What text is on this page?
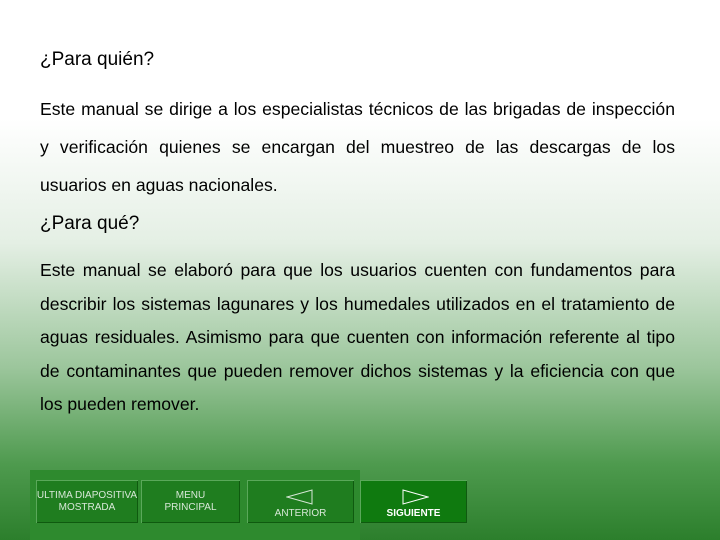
¿Para quién?
Este manual se dirige a los especialistas técnicos de las brigadas de inspección y verificación quienes se encargan del muestreo de las descargas de los usuarios en aguas nacionales.
¿Para qué?
Este manual se elaboró para que los usuarios cuenten con fundamentos para describir los sistemas lagunares y los humedales utilizados en el tratamiento de aguas residuales. Asimismo para que cuenten con información referente al tipo de contaminantes que pueden remover dichos sistemas y la eficiencia con que los pueden remover.
ULTIMA DIAPOSITIVA
MOSTRADA
MENU
PRINCIPAL
ANTERIOR	SIGUIENTE
